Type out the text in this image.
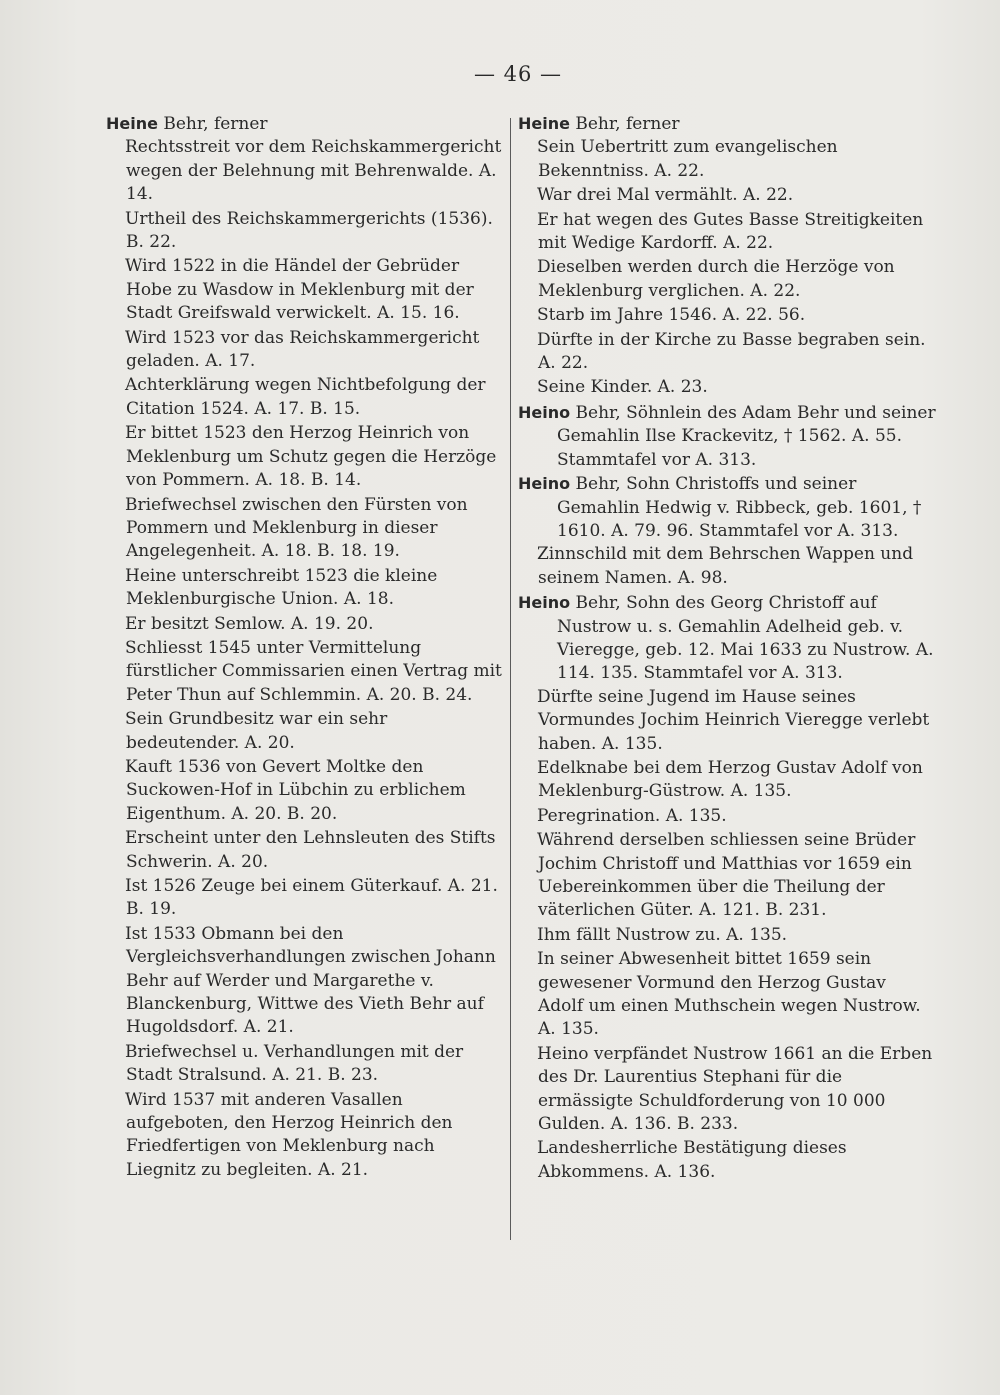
— 46 —
Heine Behr, ferner
Rechtsstreit vor dem Reichskammergericht wegen der Belehnung mit Behrenwalde. A. 14.
Urtheil des Reichskammergerichts (1536). B. 22.
Wird 1522 in die Händel der Gebrüder Hobe zu Wasdow in Meklenburg mit der Stadt Greifswald verwickelt. A. 15. 16.
Wird 1523 vor das Reichskammergericht geladen. A. 17.
Achterklärung wegen Nichtbefolgung der Citation 1524. A. 17. B. 15.
Er bittet 1523 den Herzog Heinrich von Meklenburg um Schutz gegen die Herzöge von Pommern. A. 18. B. 14.
Briefwechsel zwischen den Fürsten von Pommern und Meklenburg in dieser Angelegenheit. A. 18. B. 18. 19.
Heine unterschreibt 1523 die kleine Meklenburgische Union. A. 18.
Er besitzt Semlow. A. 19. 20.
Schliesst 1545 unter Vermittelung fürstlicher Commissarien einen Vertrag mit Peter Thun auf Schlemmin. A. 20. B. 24.
Sein Grundbesitz war ein sehr bedeutender. A. 20.
Kauft 1536 von Gevert Moltke den Suckowen-Hof in Lübchin zu erblichem Eigenthum. A. 20. B. 20.
Erscheint unter den Lehnsleuten des Stifts Schwerin. A. 20.
Ist 1526 Zeuge bei einem Güterkauf. A. 21. B. 19.
Ist 1533 Obmann bei den Vergleichsverhandlungen zwischen Johann Behr auf Werder und Margarethe v. Blanckenburg, Wittwe des Vieth Behr auf Hugoldsdorf. A. 21.
Briefwechsel u. Verhandlungen mit der Stadt Stralsund. A. 21. B. 23.
Wird 1537 mit anderen Vasallen aufgeboten, den Herzog Heinrich den Friedfertigen von Meklenburg nach Liegnitz zu begleiten. A. 21.
Heine Behr, ferner
Sein Uebertritt zum evangelischen Bekenntniss. A. 22.
War drei Mal vermählt. A. 22.
Er hat wegen des Gutes Basse Streitigkeiten mit Wedige Kardorff. A. 22.
Dieselben werden durch die Herzöge von Meklenburg verglichen. A. 22.
Starb im Jahre 1546. A. 22. 56.
Dürfte in der Kirche zu Basse begraben sein. A. 22.
Seine Kinder. A. 23.
Heino Behr, Söhnlein des Adam Behr und seiner Gemahlin Ilse Krackevitz, † 1562. A. 55. Stammtafel vor A. 313.
Heino Behr, Sohn Christoffs und seiner Gemahlin Hedwig v. Ribbeck, geb. 1601, † 1610. A. 79. 96. Stammtafel vor A. 313.
Zinnschild mit dem Behrschen Wappen und seinem Namen. A. 98.
Heino Behr, Sohn des Georg Christoff auf Nustrow u. s. Gemahlin Adelheid geb. v. Vieregge, geb. 12. Mai 1633 zu Nustrow. A. 114. 135. Stammtafel vor A. 313.
Dürfte seine Jugend im Hause seines Vormundes Jochim Heinrich Vieregge verlebt haben. A. 135.
Edelknabe bei dem Herzog Gustav Adolf von Meklenburg-Güstrow. A. 135.
Peregrination. A. 135.
Während derselben schliessen seine Brüder Jochim Christoff und Matthias vor 1659 ein Uebereinkommen über die Theilung der väterlichen Güter. A. 121. B. 231.
Ihm fällt Nustrow zu. A. 135.
In seiner Abwesenheit bittet 1659 sein gewesener Vormund den Herzog Gustav Adolf um einen Muthschein wegen Nustrow. A. 135.
Heino verpfändet Nustrow 1661 an die Erben des Dr. Laurentius Stephani für die ermässigte Schuldforderung von 10 000 Gulden. A. 136. B. 233.
Landesherrliche Bestätigung dieses Abkommens. A. 136.
